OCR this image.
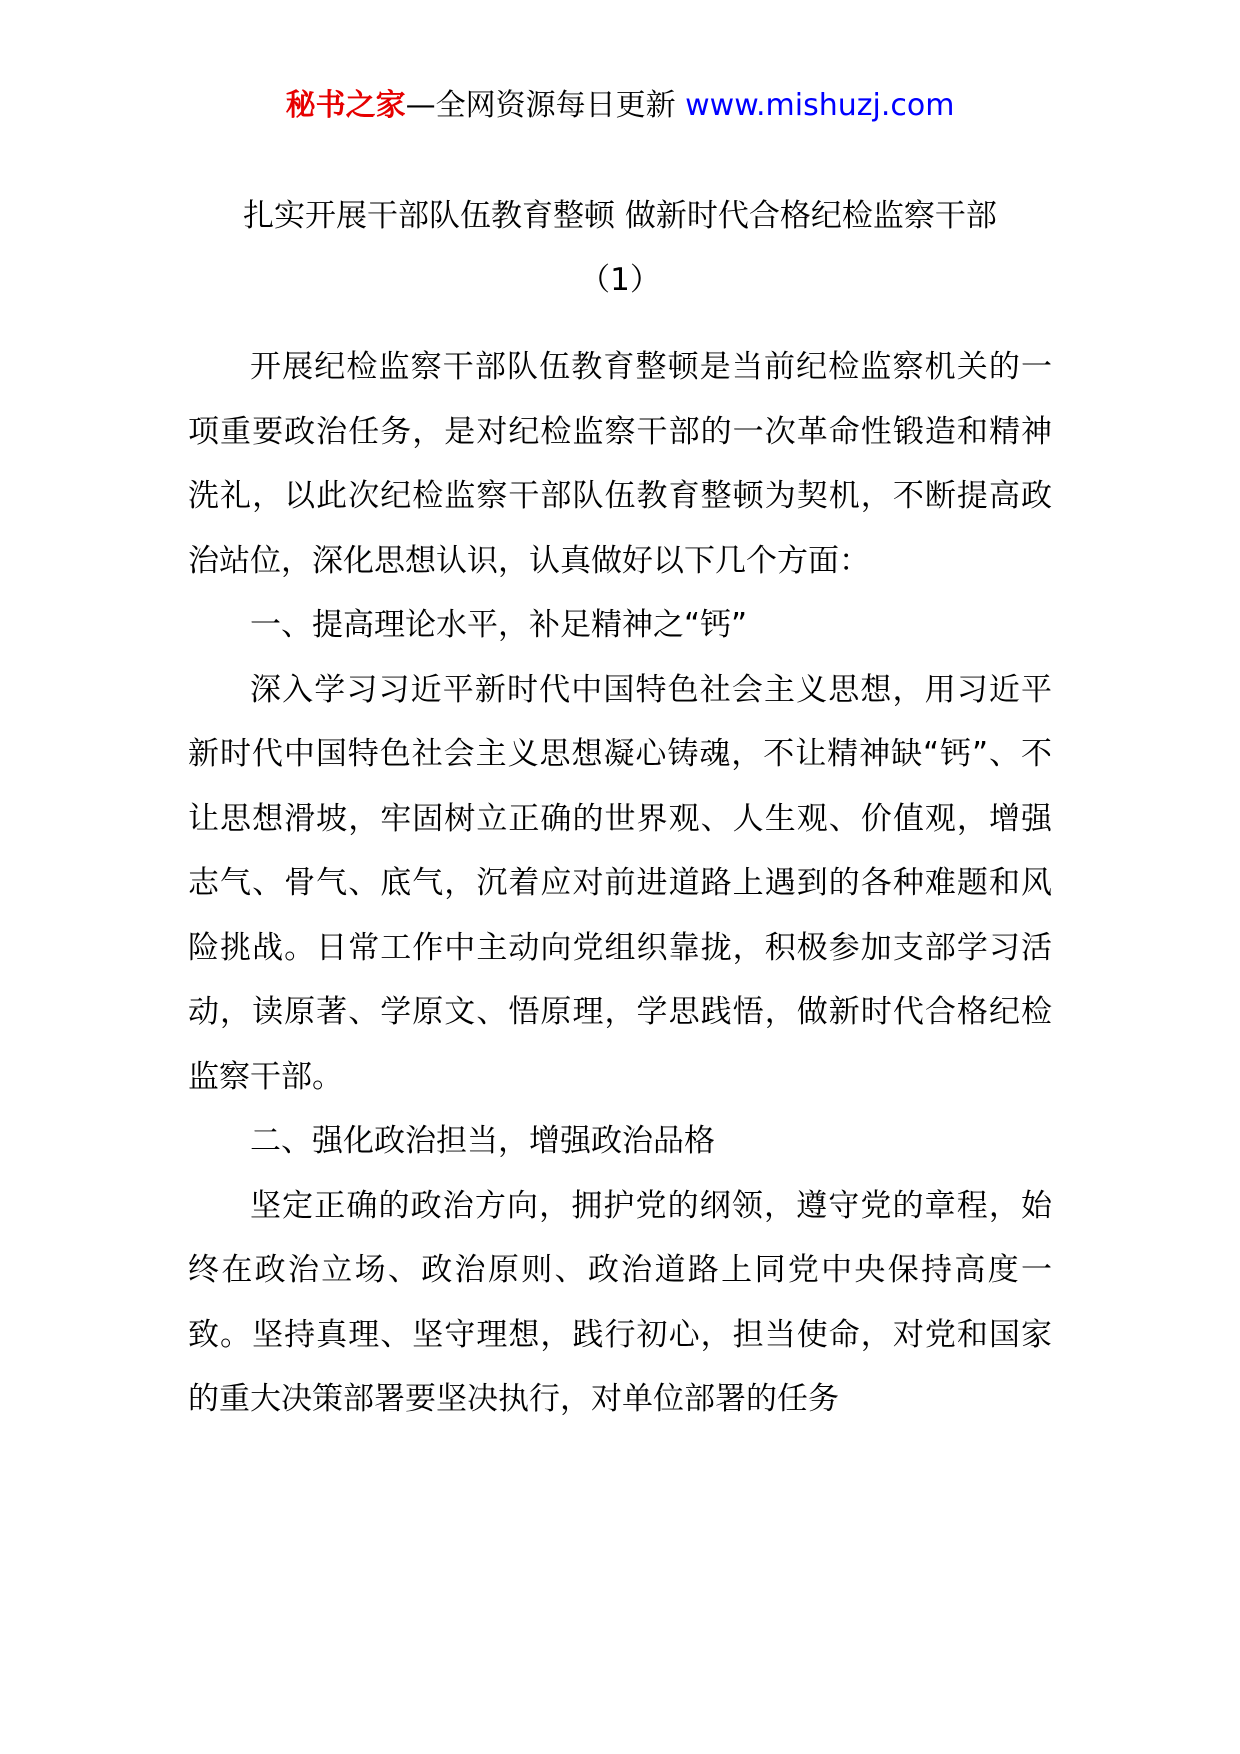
秘书之家—全网资源每日更新 www.mishuzj.com
扎实开展干部队伍教育整顿 做新时代合格纪检监察干部
（1）

开展纪检监察干部队伍教育整顿是当前纪检监察机关的一项重要政治任务，是对纪检监察干部的一次革命性锻造和精神洗礼，以此次纪检监察干部队伍教育整顿为契机，不断提高政治站位，深化思想认识，认真做好以下几个方面：

一、提高理论水平，补足精神之“钙”

深入学习习近平新时代中国特色社会主义思想，用习近平新时代中国特色社会主义思想凝心铸魂，不让精神缺“钙”、不让思想滑坡，牢固树立正确的世界观、人生观、价值观，增强志气、骨气、底气，沉着应对前进道路上遇到的各种难题和风险挑战。日常工作中主动向党组织靠拢，积极参加支部学习活动，读原著、学原文、悟原理，学思践悟，做新时代合格纪检监察干部。

二、强化政治担当，增强政治品格

坚定正确的政治方向，拥护党的纲领，遵守党的章程，始终在政治立场、政治原则、政治道路上同党中央保持高度一致。坚持真理、坚守理想，践行初心，担当使命，对党和国家的重大决策部署要坚决执行，对单位部署的任务
